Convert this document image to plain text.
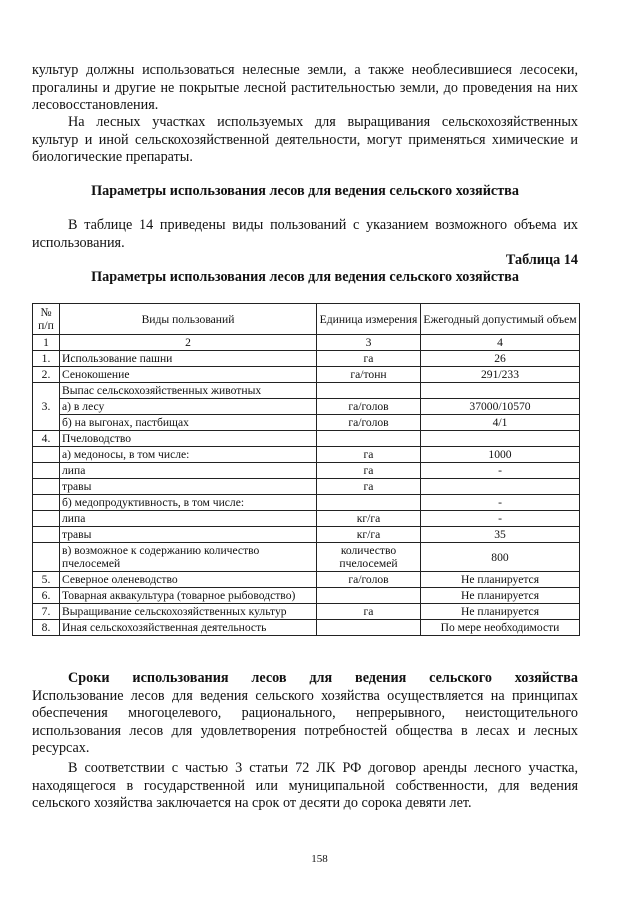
культур должны использоваться нелесные земли, а также необлесившиеся лесосеки, прогалины и другие не покрытые лесной растительностью земли, до проведения на них лесовосстановления.
На лесных участках используемых для выращивания сельскохозяйственных культур и иной сельскохозяйственной деятельности, могут применяться химические и биологические препараты.
Параметры использования лесов для ведения сельского хозяйства
В таблице 14 приведены виды пользований с указанием возможного объема их использования.
Таблица 14
Параметры использования лесов для ведения сельского хозяйства
№ п/п	Виды пользований	Единица измерения	Ежегодный допустимый объем
1	2	3	4
1.	Использование пашни	га	26
2.	Сенокошение	га/тонн	291/233
3.	Выпас сельскохозяйственных животных		
	а) в лесу	га/голов	37000/10570
	б) на выгонах, пастбищах	га/голов	4/1
4.	Пчеловодство		
	а) медоносы, в том числе:	га	1000
	липа	га	-
	травы	га	
	б) медопродуктивность, в том числе:		-
	липа	кг/га	-
	травы	кг/га	35
	в) возможное к содержанию количество пчелосемей	количество пчелосемей	800
5.	Северное оленеводство	га/голов	Не планируется
6.	Товарная аквакультура (товарное рыбоводство)		Не планируется
7.	Выращивание сельскохозяйственных культур	га	Не планируется
8.	Иная сельскохозяйственная деятельность		По мере необходимости
Сроки использования лесов для ведения сельского хозяйства Использование лесов для ведения сельского хозяйства осуществляется на принципах обеспечения многоцелевого, рационального, непрерывного, неистощительного использования лесов для удовлетворения потребностей общества в лесах и лесных ресурсах.
В соответствии с частью 3 статьи 72 ЛК РФ договор аренды лесного участка, находящегося в государственной или муниципальной собственности, для ведения сельского хозяйства заключается на срок от десяти до сорока девяти лет.
158
